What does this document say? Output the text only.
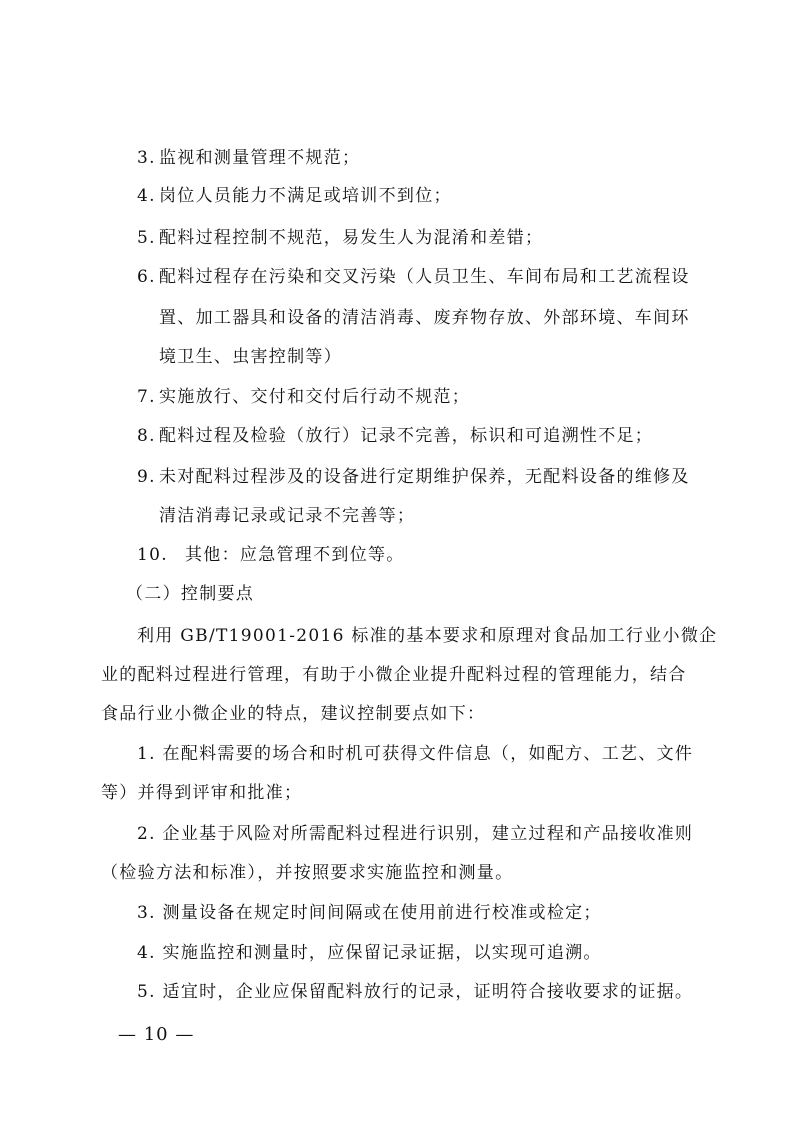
3. 监视和测量管理不规范；
4. 岗位人员能力不满足或培训不到位；
5. 配料过程控制不规范，易发生人为混淆和差错；
6. 配料过程存在污染和交叉污染（人员卫生、车间布局和工艺流程设
置、加工器具和设备的清洁消毒、废弃物存放、外部环境、车间环
境卫生、虫害控制等）
7. 实施放行、交付和交付后行动不规范；
8. 配料过程及检验（放行）记录不完善，标识和可追溯性不足；
9. 未对配料过程涉及的设备进行定期维护保养，无配料设备的维修及
清洁消毒记录或记录不完善等；
10. 其他：应急管理不到位等。
（二）控制要点
利用 GB/T19001-2016 标准的基本要求和原理对食品加工行业小微企
业的配料过程进行管理，有助于小微企业提升配料过程的管理能力，结合
食品行业小微企业的特点，建议控制要点如下：
1. 在配料需要的场合和时机可获得文件信息（，如配方、工艺、文件
等）并得到评审和批准；
2. 企业基于风险对所需配料过程进行识别，建立过程和产品接收准则
（检验方法和标准），并按照要求实施监控和测量。
3. 测量设备在规定时间间隔或在使用前进行校准或检定；
4. 实施监控和测量时，应保留记录证据，以实现可追溯。
5. 适宜时，企业应保留配料放行的记录，证明符合接收要求的证据。
— 10 —
